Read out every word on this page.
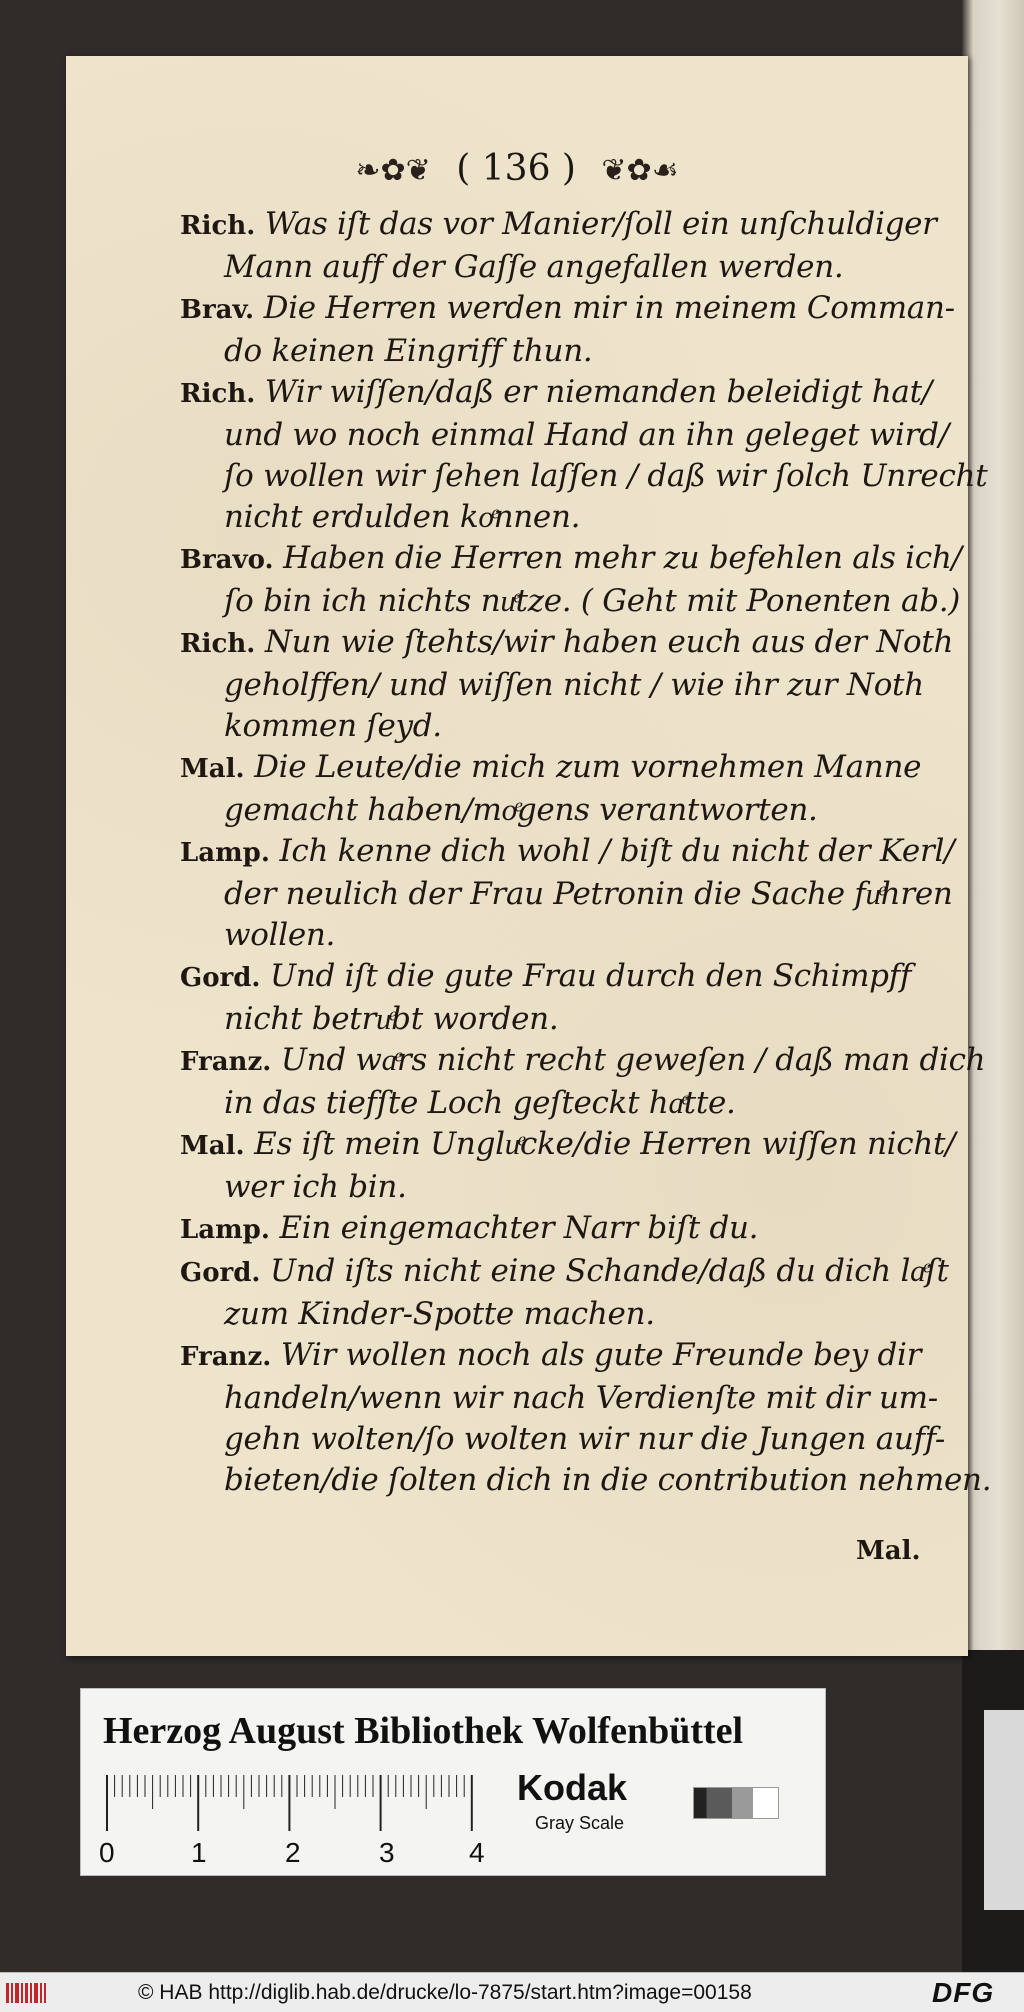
❧✿❦ ( 136 ) ❦✿☙
Rich. Was iſt das vor Manier/ſoll ein unſchuldiger
Mann auff der Gaſſe angefallen werden.
Brav. Die Herren werden mir in meinem Comman-
do keinen Eingriff thun.
Rich. Wir wiſſen/daß er niemanden beleidigt hat/
und wo noch einmal Hand an ihn geleget wird/
ſo wollen wir ſehen laſſen / daß wir ſolch Unrecht
nicht erdulden koͤnnen.
Bravo. Haben die Herren mehr zu befehlen als ich/
ſo bin ich nichts nuͤtze. ( Geht mit Ponenten ab.)
Rich. Nun wie ſtehts/wir haben euch aus der Noth
geholffen/ und wiſſen nicht / wie ihr zur Noth
kommen ſeyd.
Mal. Die Leute/die mich zum vornehmen Manne
gemacht haben/moͤgens verantworten.
Lamp. Ich kenne dich wohl / biſt du nicht der Kerl/
der neulich der Frau Petronin die Sache fuͤhren
wollen.
Gord. Und iſt die gute Frau durch den Schimpff
nicht betruͤbt worden.
Franz. Und waͤrs nicht recht geweſen / daß man dich
in das tiefſte Loch geſteckt haͤtte.
Mal. Es iſt mein Ungluͤcke/die Herren wiſſen nicht/
wer ich bin.
Lamp. Ein eingemachter Narr biſt du.
Gord. Und iſts nicht eine Schande/daß du dich laͤſt
zum Kinder-Spotte machen.
Franz. Wir wollen noch als gute Freunde bey dir
handeln/wenn wir nach Verdienſte mit dir um-
gehn wolten/ſo wolten wir nur die Jungen auff-
bieten/die ſolten dich in die contribution nehmen.
Mal.
Herzog August Bibliothek Wolfenbüttel
0	1	2	3	4
Kodak
Gray Scale
© HAB http://diglib.hab.de/drucke/lo-7875/start.htm?image=00158	DFG
